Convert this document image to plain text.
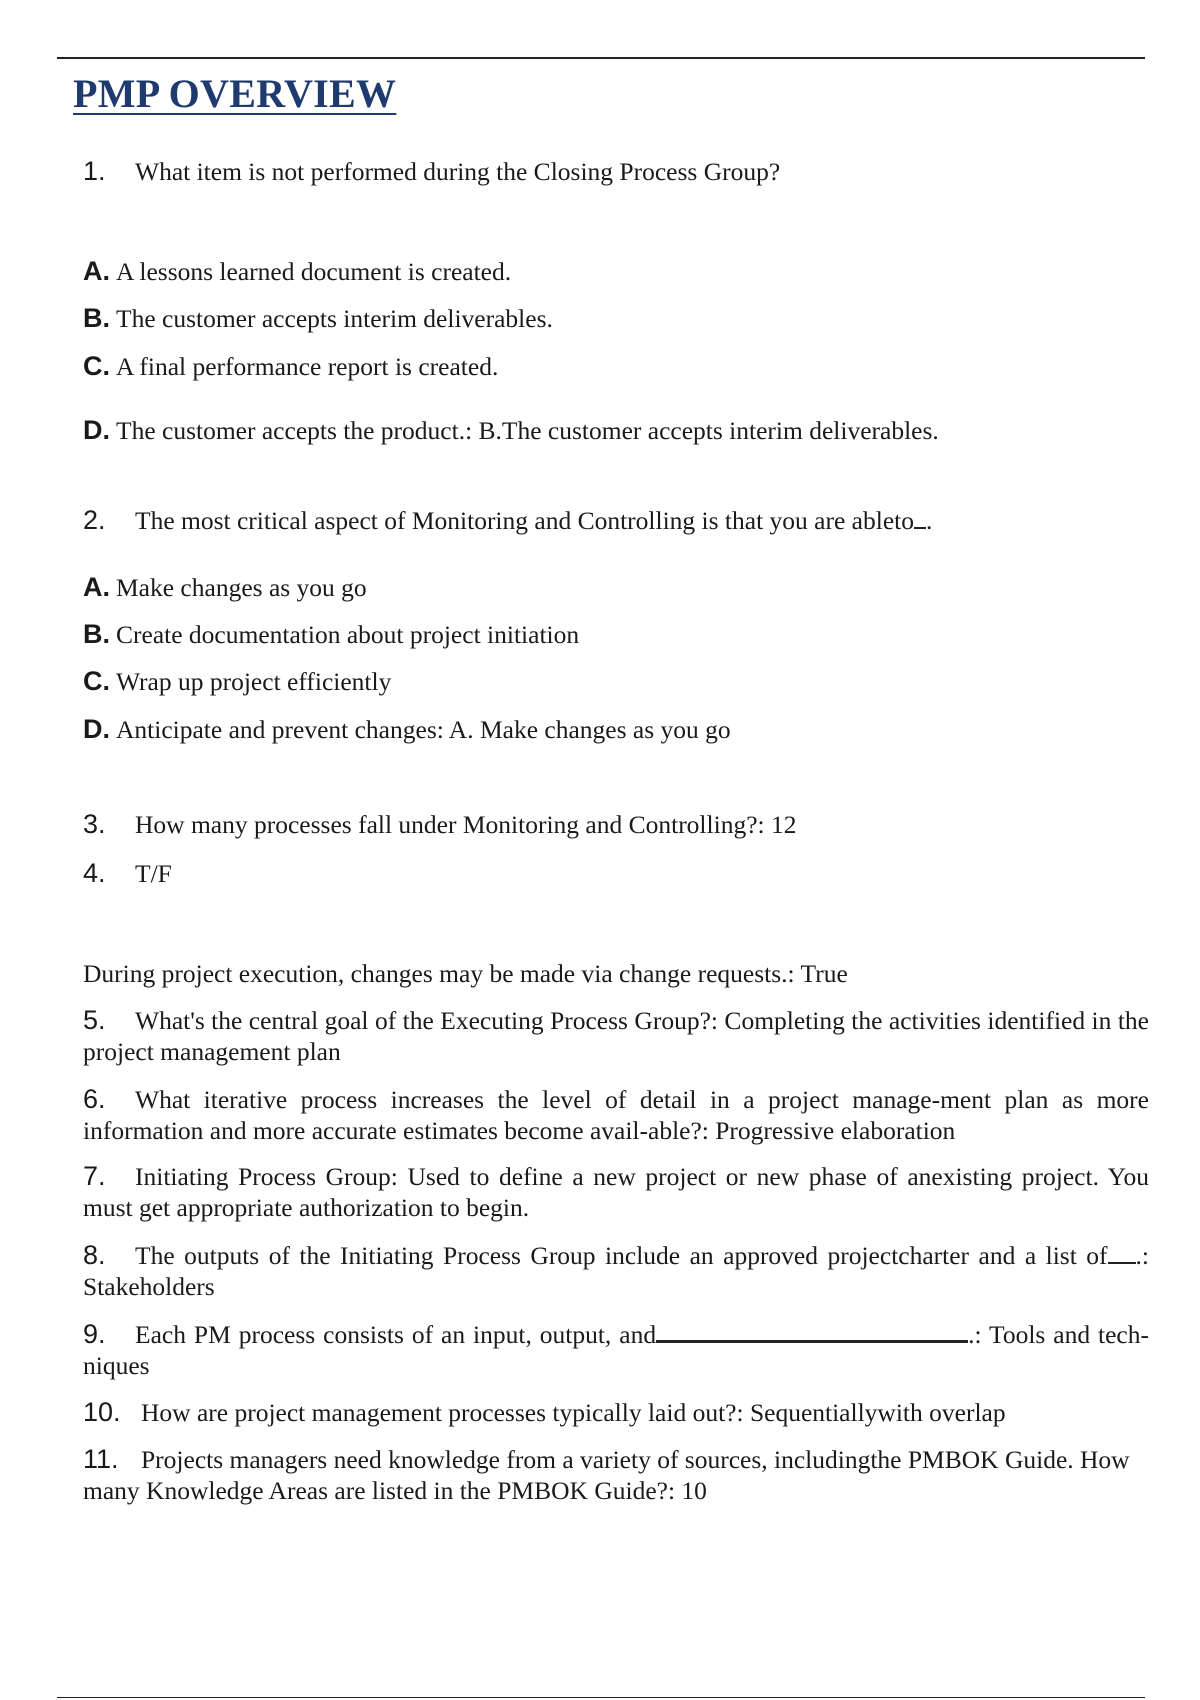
PMP OVERVIEW
1. What item is not performed during the Closing Process Group?
A. A lessons learned document is created.
B. The customer accepts interim deliverables.
C. A final performance report is created.
D. The customer accepts the product.: B.The customer accepts interim deliverables.
2. The most critical aspect of Monitoring and Controlling is that you are ableto .
A. Make changes as you go
B. Create documentation about project initiation
C. Wrap up project efficiently
D. Anticipate and prevent changes: A. Make changes as you go
3. How many processes fall under Monitoring and Controlling?: 12
4. T/F
During project execution, changes may be made via change requests.: True
5. What's the central goal of the Executing Process Group?: Completing the activities identified in the project management plan
6. What iterative process increases the level of detail in a project manage-ment plan as more information and more accurate estimates become avail-able?: Progressive elaboration
7. Initiating Process Group: Used to define a new project or new phase of anexisting project. You must get appropriate authorization to begin.
8. The outputs of the Initiating Process Group include an approved projectcharter and a list of .: Stakeholders
9. Each PM process consists of an input, output, and	.: Tools and tech-niques
10. How are project management processes typically laid out?: Sequentiallywith overlap
11. Projects managers need knowledge from a variety of sources, includingthe PMBOK Guide. How many Knowledge Areas are listed in the PMBOK Guide?: 10
